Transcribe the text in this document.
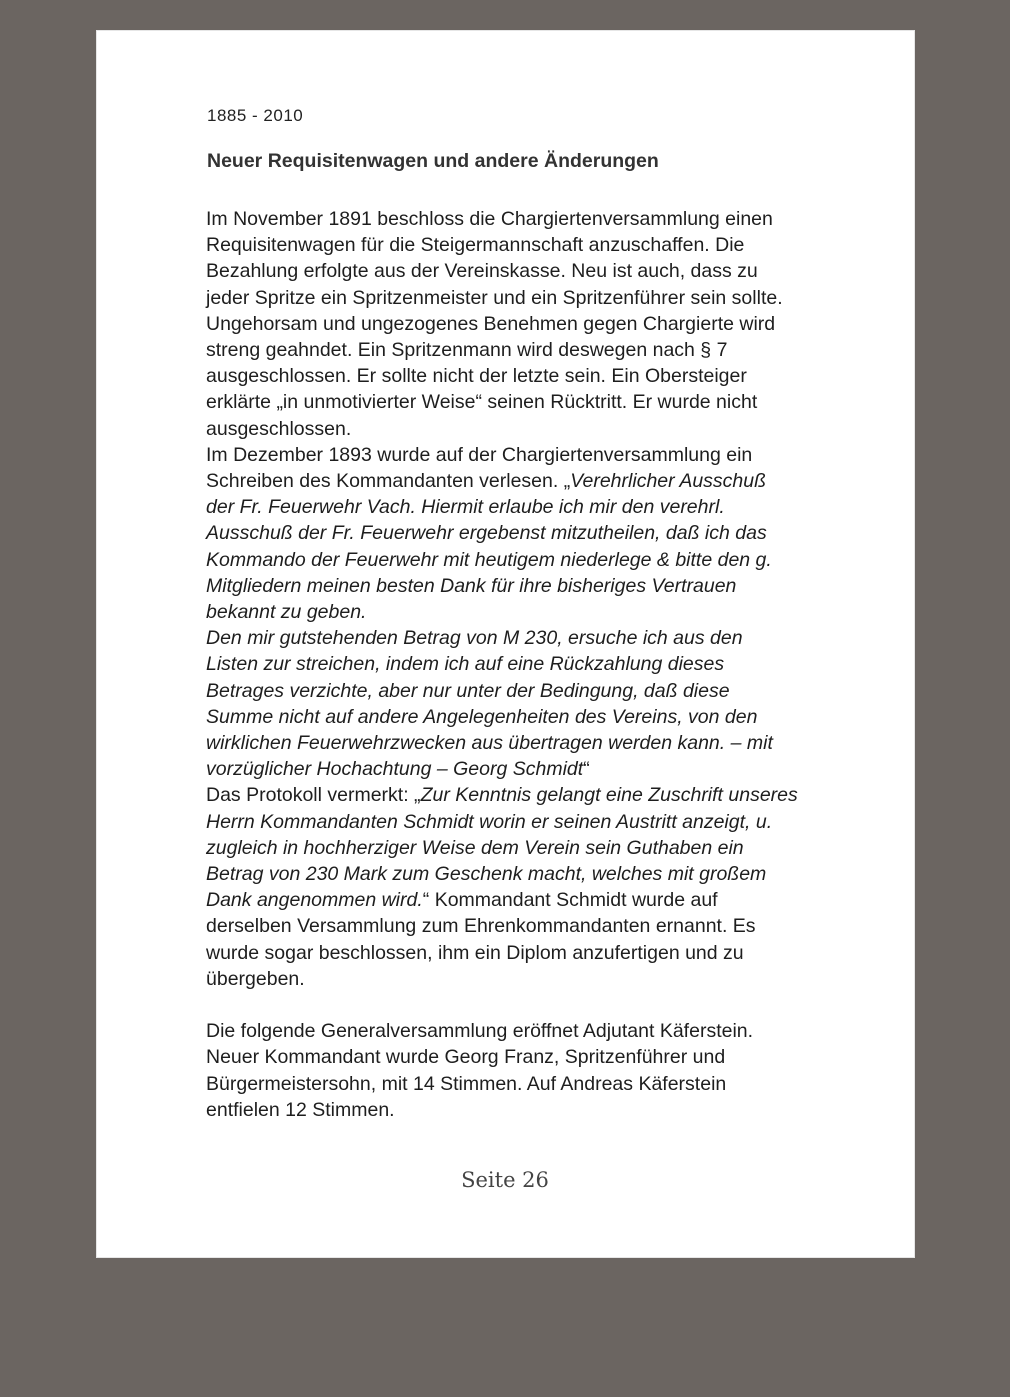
1885 - 2010
Neuer Requisitenwagen und andere Änderungen

Im November 1891 beschloss die Chargiertenversammlung einen

Requisitenwagen für die Steigermannschaft anzuschaffen. Die

Bezahlung erfolgte aus der Vereinskasse. Neu ist auch, dass zu

jeder Spritze ein Spritzenmeister und ein Spritzenführer sein sollte.

Ungehorsam und ungezogenes Benehmen gegen Chargierte wird

streng geahndet. Ein Spritzenmann wird deswegen nach § 7

ausgeschlossen. Er sollte nicht der letzte sein. Ein Obersteiger

erklärte „in unmotivierter Weise“ seinen Rücktritt. Er wurde nicht

ausgeschlossen.

Im Dezember 1893 wurde auf der Chargiertenversammlung ein

Schreiben des Kommandanten verlesen. „Verehrlicher Ausschuß

der Fr. Feuerwehr Vach. Hiermit erlaube ich mir den verehrl.

Ausschuß der Fr. Feuerwehr ergebenst mitzutheilen, daß ich das

Kommando der Feuerwehr mit heutigem niederlege & bitte den g.

Mitgliedern meinen besten Dank für ihre bisheriges Vertrauen

bekannt zu geben.

Den mir gutstehenden Betrag von M 230, ersuche ich aus den

Listen zur streichen, indem ich auf eine Rückzahlung dieses

Betrages verzichte, aber nur unter der Bedingung, daß diese

Summe nicht auf andere Angelegenheiten des Vereins, von den

wirklichen Feuerwehrzwecken aus übertragen werden kann. – mit

vorzüglicher Hochachtung – Georg Schmidt“

Das Protokoll vermerkt: „Zur Kenntnis gelangt eine Zuschrift unseres

Herrn Kommandanten Schmidt worin er seinen Austritt anzeigt, u.

zugleich in hochherziger Weise dem Verein sein Guthaben ein

Betrag von 230 Mark zum Geschenk macht, welches mit großem

Dank angenommen wird.“ Kommandant Schmidt wurde auf

derselben Versammlung zum Ehrenkommandanten ernannt. Es

wurde sogar beschlossen, ihm ein Diplom anzufertigen und zu

übergeben.

Die folgende Generalversammlung eröffnet Adjutant Käferstein.

Neuer Kommandant wurde Georg Franz, Spritzenführer und

Bürgermeistersohn, mit 14 Stimmen. Auf Andreas Käferstein

entfielen 12 Stimmen.

Seite 26
